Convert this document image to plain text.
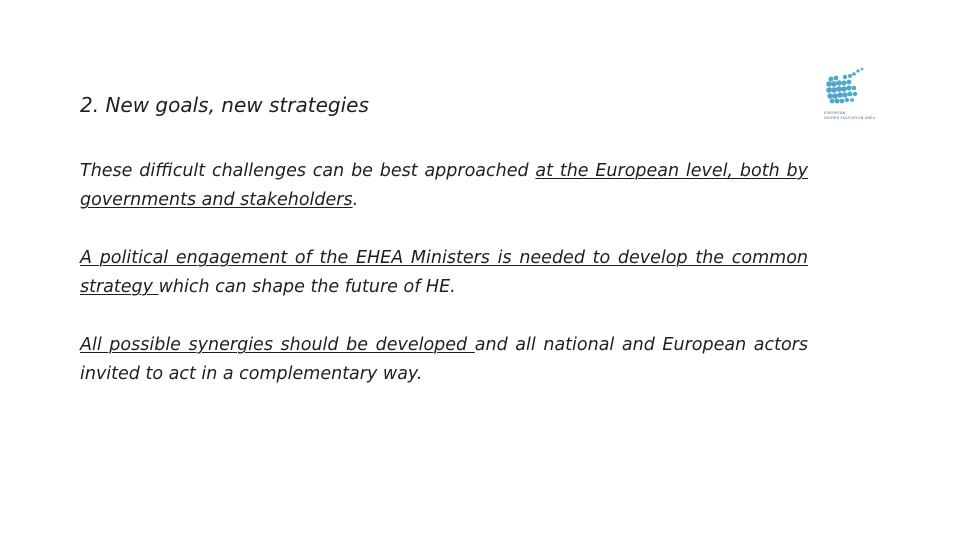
2. New goals, new strategies	EUROPEAN
HIGHER EDUCATION AREA

These difficult challenges can be best approached at the European level, both by governments and stakeholders.

A political engagement of the EHEA Ministers is needed to develop the common strategy which can shape the future of HE.

All possible synergies should be developed and all national and European actors invited to act in a complementary way.
